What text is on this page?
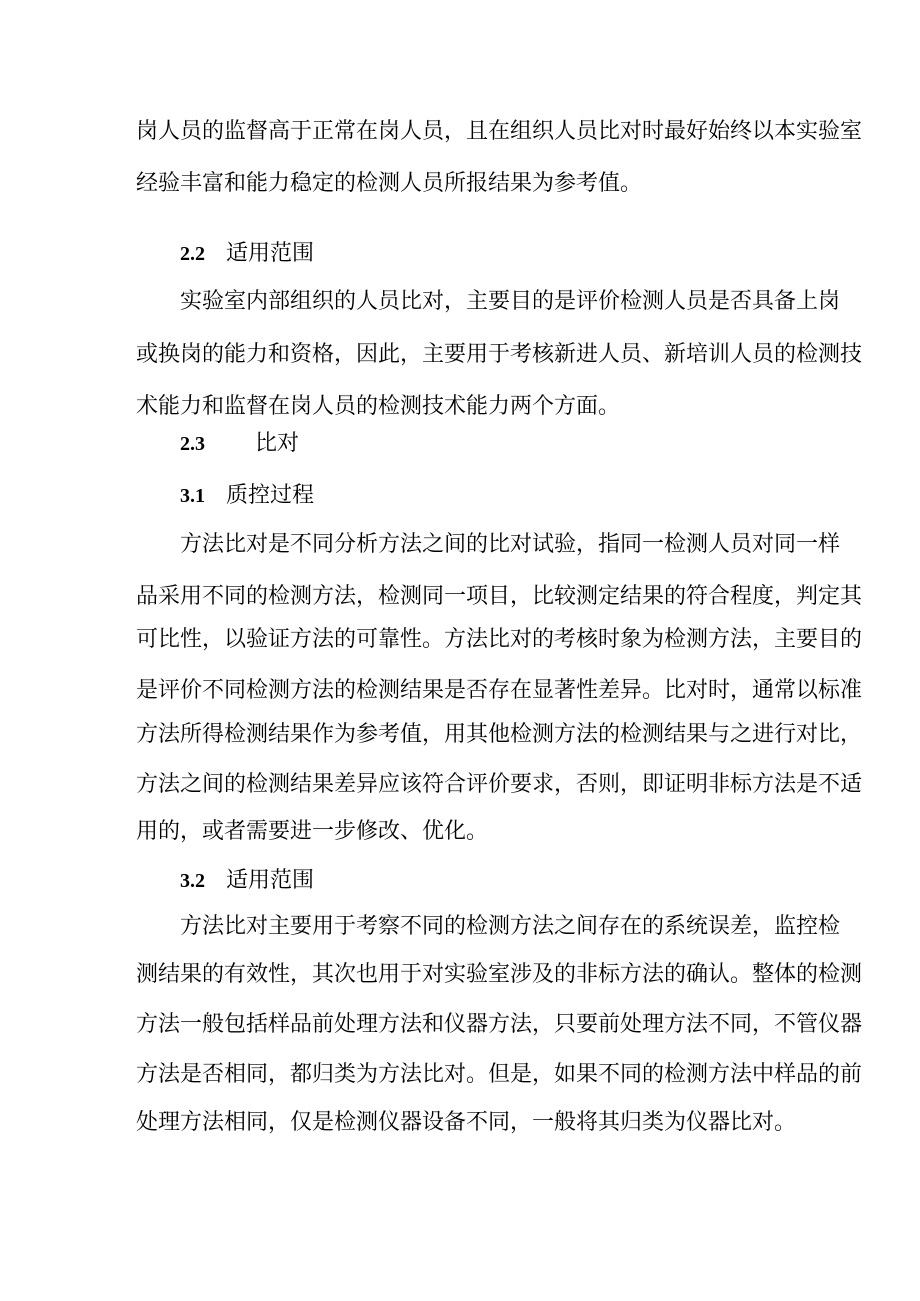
岗人员的监督高于正常在岗人员，且在组织人员比对时最好始终以本实验室
经验丰富和能力稳定的检测人员所报结果为参考值。
2.2 适用范围
实验室内部组织的人员比对，主要目的是评价检测人员是否具备上岗
或换岗的能力和资格，因此，主要用于考核新进人员、新培训人员的检测技
术能力和监督在岗人员的检测技术能力两个方面。
2.3 比对
3.1 质控过程
方法比对是不同分析方法之间的比对试验，指同一检测人员对同一样
品采用不同的检测方法，检测同一项目，比较测定结果的符合程度，判定其
可比性，以验证方法的可靠性。方法比对的考核时象为检测方法，主要目的
是评价不同检测方法的检测结果是否存在显著性差异。比对时，通常以标准
方法所得检测结果作为参考值，用其他检测方法的检测结果与之进行对比，
方法之间的检测结果差异应该符合评价要求，否则，即证明非标方法是不适
用的，或者需要进一步修改、优化。
3.2 适用范围
方法比对主要用于考察不同的检测方法之间存在的系统误差，监控检
测结果的有效性，其次也用于对实验室涉及的非标方法的确认。整体的检测
方法一般包括样品前处理方法和仪器方法，只要前处理方法不同，不管仪器
方法是否相同，都归类为方法比对。但是，如果不同的检测方法中样品的前
处理方法相同，仅是检测仪器设备不同，一般将其归类为仪器比对。
